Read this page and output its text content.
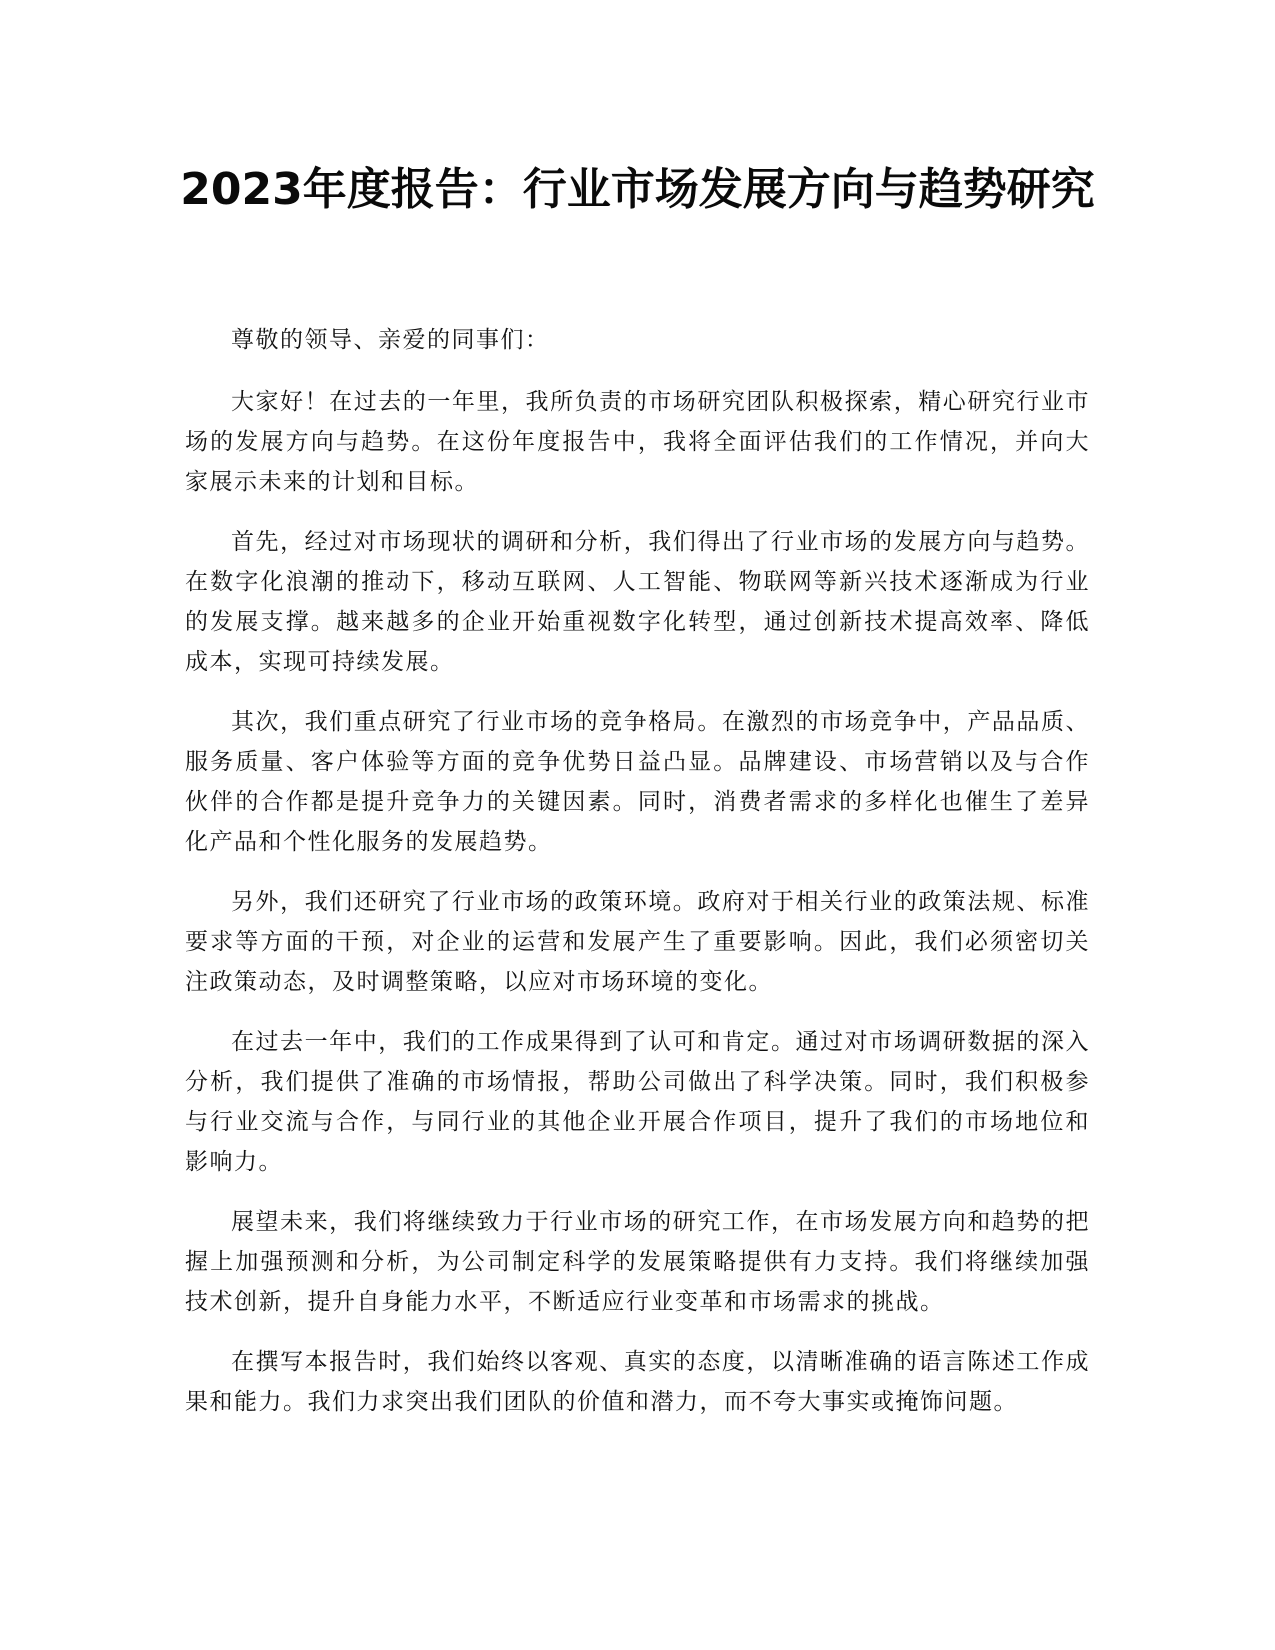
2023年度报告：行业市场发展方向与趋势研究

尊敬的领导、亲爱的同事们：

大家好！在过去的一年里，我所负责的市场研究团队积极探索，精心研究行业市场的发展方向与趋势。在这份年度报告中，我将全面评估我们的工作情况，并向大家展示未来的计划和目标。

首先，经过对市场现状的调研和分析，我们得出了行业市场的发展方向与趋势。在数字化浪潮的推动下，移动互联网、人工智能、物联网等新兴技术逐渐成为行业的发展支撑。越来越多的企业开始重视数字化转型，通过创新技术提高效率、降低成本，实现可持续发展。

其次，我们重点研究了行业市场的竞争格局。在激烈的市场竞争中，产品品质、服务质量、客户体验等方面的竞争优势日益凸显。品牌建设、市场营销以及与合作伙伴的合作都是提升竞争力的关键因素。同时，消费者需求的多样化也催生了差异化产品和个性化服务的发展趋势。

另外，我们还研究了行业市场的政策环境。政府对于相关行业的政策法规、标准要求等方面的干预，对企业的运营和发展产生了重要影响。因此，我们必须密切关注政策动态，及时调整策略，以应对市场环境的变化。

在过去一年中，我们的工作成果得到了认可和肯定。通过对市场调研数据的深入分析，我们提供了准确的市场情报，帮助公司做出了科学决策。同时，我们积极参与行业交流与合作，与同行业的其他企业开展合作项目，提升了我们的市场地位和影响力。

展望未来，我们将继续致力于行业市场的研究工作，在市场发展方向和趋势的把握上加强预测和分析，为公司制定科学的发展策略提供有力支持。我们将继续加强技术创新，提升自身能力水平，不断适应行业变革和市场需求的挑战。

在撰写本报告时，我们始终以客观、真实的态度，以清晰准确的语言陈述工作成果和能力。我们力求突出我们团队的价值和潜力，而不夸大事实或掩饰问题。
